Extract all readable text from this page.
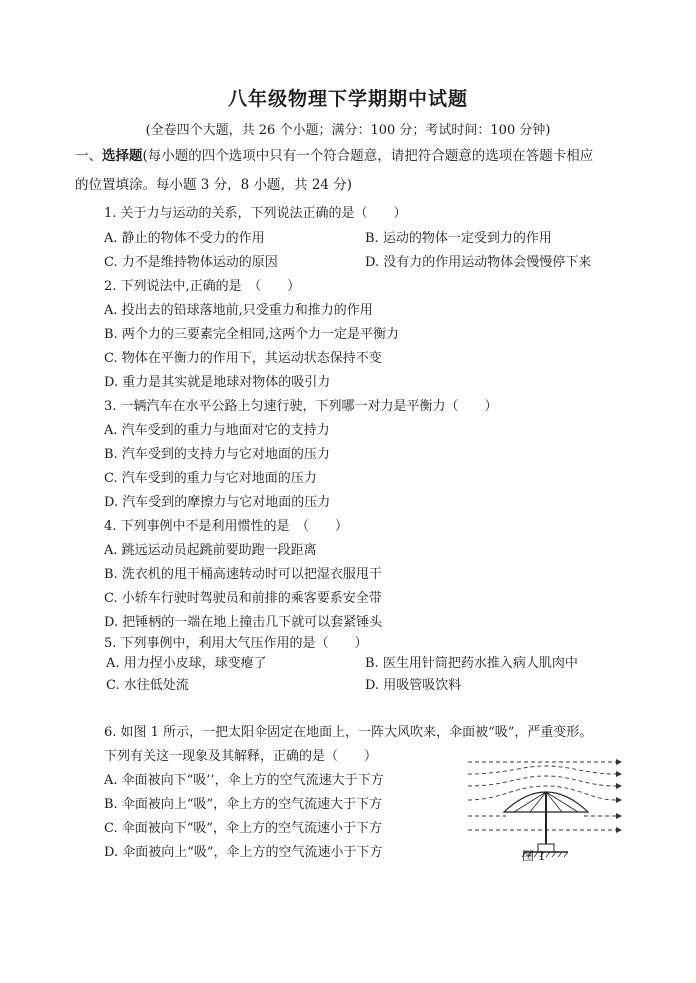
八年级物理下学期期中试题
(全卷四个大题，共 26 个小题；满分：100 分；考试时间：100 分钟)
一、选择题(每小题的四个选项中只有一个符合题意，请把符合题意的选项在答题卡相应
的位置填涂。每小题 3 分，8 小题，共 24 分)
1. 关于力与运动的关系，下列说法正确的是（　　）
A. 静止的物体不受力的作用	B. 运动的物体一定受到力的作用
C. 力不是维持物体运动的原因	D. 没有力的作用运动物体会慢慢停下来
2. 下列说法中,正确的是　（　　）
A. 投出去的铅球落地前,只受重力和推力的作用
B. 两个力的三要素完全相同,这两个力一定是平衡力
C. 物体在平衡力的作用下，其运动状态保持不变
D. 重力是其实就是地球对物体的吸引力
3. 一辆汽车在水平公路上匀速行驶，下列哪一对力是平衡力（　　）
A. 汽车受到的重力与地面对它的支持力
B. 汽车受到的支持力与它对地面的压力
C. 汽车受到的重力与它对地面的压力
D. 汽车受到的摩擦力与它对地面的压力
4. 下列事例中不是利用惯性的是　（　　）
A. 跳远运动员起跳前要助跑一段距离
B. 洗衣机的甩干桶高速转动时可以把湿衣服甩干
C. 小轿车行驶时驾驶员和前排的乘客要系安全带
D. 把锤柄的一端在地上撞击几下就可以套紧锤头
5. 下列事例中，利用大气压作用的是（　　）
A. 用力捏小皮球，球变瘪了	B. 医生用针筒把药水推入病人肌肉中
C. 水往低处流	D. 用吸管吸饮料
6. 如图 1 所示，一把太阳伞固定在地面上，一阵大风吹来，伞面被“吸”，严重变形。
下列有关这一现象及其解释，正确的是（　　）
A. 伞面被向下“吸’’，伞上方的空气流速大于下方
B. 伞面被向上“吸”，伞上方的空气流速大于下方
C. 伞面被向下“吸”，伞上方的空气流速小于下方
D. 伞面被向上“吸”，伞上方的空气流速小于下方	图 1
